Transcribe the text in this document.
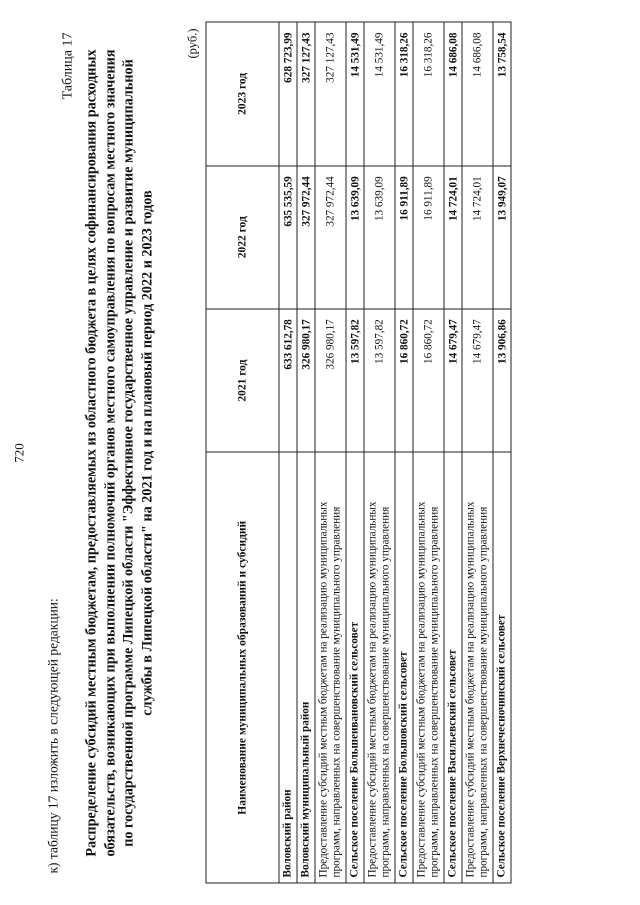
720
к) таблицу 17 изложить в следующей редакции:
Таблица 17 Распределение субсидий местным бюджетам, предоставляемых из областного бюджета в целях софинансирования расходных обязательств, возникающих при выполнении полномочий органов местного самоуправления по вопросам местного значения по государственной программе Липецкой области "Эффективное государственное управление и развитие муниципальной службы в Липецкой области" на 2021 год и на плановый период 2022 и 2023 годов
(руб.)
Наименование муниципальных образований и субсидий	2021 год	2022 год	2023 год
Воловский район	633 612,78	635 535,59	628 723,99
Воловский муниципальный район	326 980,17	327 972,44	327 127,43
Предоставление субсидий местным бюджетам на реализацию муниципальных программ, направленных на совершенствование муниципального управления	326 980,17	327 972,44	327 127,43
Сельское поселение Большеивановский сельсовет	13 597,82	13 639,09	14 531,49
Предоставление субсидий местным бюджетам на реализацию муниципальных программ, направленных на совершенствование муниципального управления	13 597,82	13 639,09	14 531,49
Сельское поселение Большовский сельсовет	16 860,72	16 911,89	16 318,26
Предоставление субсидий местным бюджетам на реализацию муниципальных программ, направленных на совершенствование муниципального управления	16 860,72	16 911,89	16 318,26
Сельское поселение Васильевский сельсовет	14 679,47	14 724,01	14 686,08
Предоставление субсидий местным бюджетам на реализацию муниципальных программ, направленных на совершенствование муниципального управления	14 679,47	14 724,01	14 686,08
Сельское поселение Верхнечесночинский сельсовет	13 906,86	13 949,07	13 758,54
